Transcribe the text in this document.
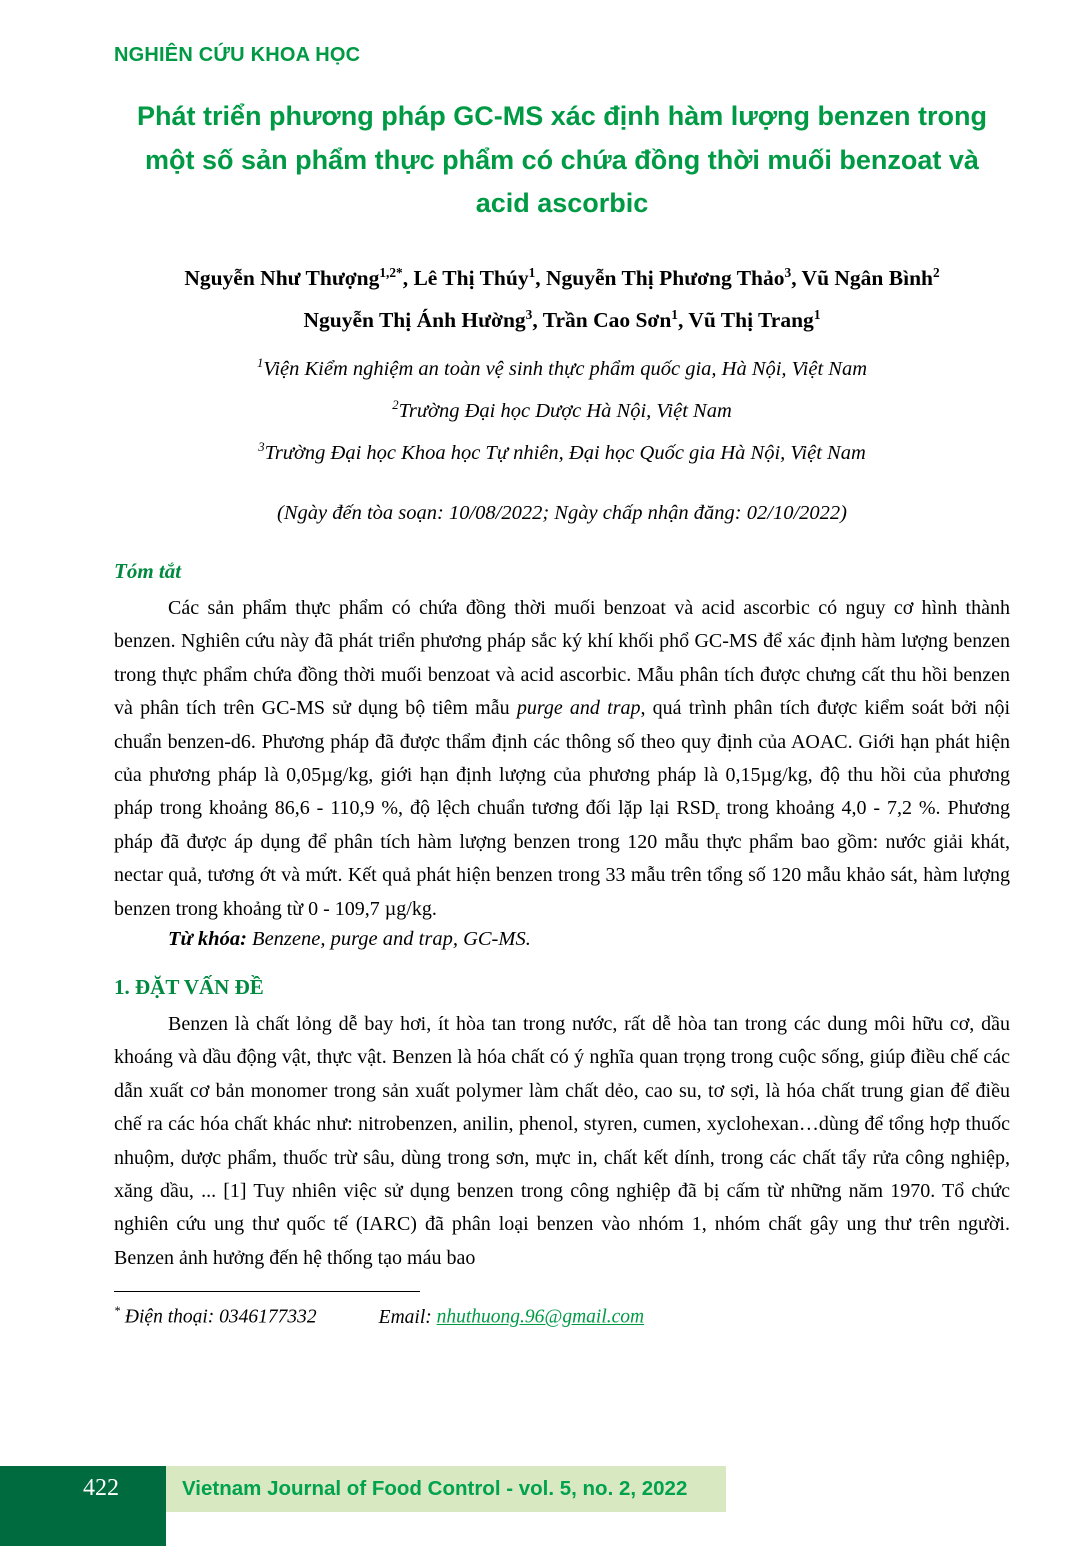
NGHIÊN CỨU KHOA HỌC
Phát triển phương pháp GC-MS xác định hàm lượng benzen trong một số sản phẩm thực phẩm có chứa đồng thời muối benzoat và acid ascorbic
Nguyễn Như Thượng$^{1,2*}$, Lê Thị Thúy$^1$, Nguyễn Thị Phương Thảo$^3$, Vũ Ngân Bình$^2$
Nguyễn Thị Ánh Hường$^3$, Trần Cao Sơn$^1$, Vũ Thị Trang$^1$
$^1$Viện Kiểm nghiệm an toàn vệ sinh thực phẩm quốc gia, Hà Nội, Việt Nam
$^2$Trường Đại học Dược Hà Nội, Việt Nam
$^3$Trường Đại học Khoa học Tự nhiên, Đại học Quốc gia Hà Nội, Việt Nam
(Ngày đến tòa soạn: 10/08/2022; Ngày chấp nhận đăng: 02/10/2022)
Tóm tắt

Các sản phẩm thực phẩm có chứa đồng thời muối benzoat và acid ascorbic có nguy cơ hình thành benzen. Nghiên cứu này đã phát triển phương pháp sắc ký khí khối phổ GC-MS để xác định hàm lượng benzen trong thực phẩm chứa đồng thời muối benzoat và acid ascorbic. Mẫu phân tích được chưng cất thu hồi benzen và phân tích trên GC-MS sử dụng bộ tiêm mẫu purge and trap, quá trình phân tích được kiểm soát bởi nội chuẩn benzen-d6. Phương pháp đã được thẩm định các thông số theo quy định của AOAC. Giới hạn phát hiện của phương pháp là 0,05µg/kg, giới hạn định lượng của phương pháp là 0,15µg/kg, độ thu hồi của phương pháp trong khoảng 86,6 - 110,9 %, độ lệch chuẩn tương đối lặp lại $RSD_r$ trong khoảng 4,0 - 7,2 %. Phương pháp đã được áp dụng để phân tích hàm lượng benzen trong 120 mẫu thực phẩm bao gồm: nước giải khát, nectar quả, tương ớt và mứt. Kết quả phát hiện benzen trong 33 mẫu trên tổng số 120 mẫu khảo sát, hàm lượng benzen trong khoảng từ 0 - 109,7 µg/kg.

Từ khóa: Benzene, purge and trap, GC-MS.
1. ĐẶT VẤN ĐỀ

Benzen là chất lỏng dễ bay hơi, ít hòa tan trong nước, rất dễ hòa tan trong các dung môi hữu cơ, dầu khoáng và dầu động vật, thực vật. Benzen là hóa chất có ý nghĩa quan trọng trong cuộc sống, giúp điều chế các dẫn xuất cơ bản monomer trong sản xuất polymer làm chất dẻo, cao su, tơ sợi, là hóa chất trung gian để điều chế ra các hóa chất khác như: nitrobenzen, anilin, phenol, styren, cumen, xyclohexan…dùng để tổng hợp thuốc nhuộm, dược phẩm, thuốc trừ sâu, dùng trong sơn, mực in, chất kết dính, trong các chất tẩy rửa công nghiệp, xăng dầu, ... [1] Tuy nhiên việc sử dụng benzen trong công nghiệp đã bị cấm từ những năm 1970. Tổ chức nghiên cứu ung thư quốc tế (IARC) đã phân loại benzen vào nhóm 1, nhóm chất gây ung thư trên người. Benzen ảnh hưởng đến hệ thống tạo máu bao

* Điện thoại: 0346177332	Email: nhuthuong.96@gmail.com
422	Vietnam Journal of Food Control - vol. 5, no. 2, 2022
